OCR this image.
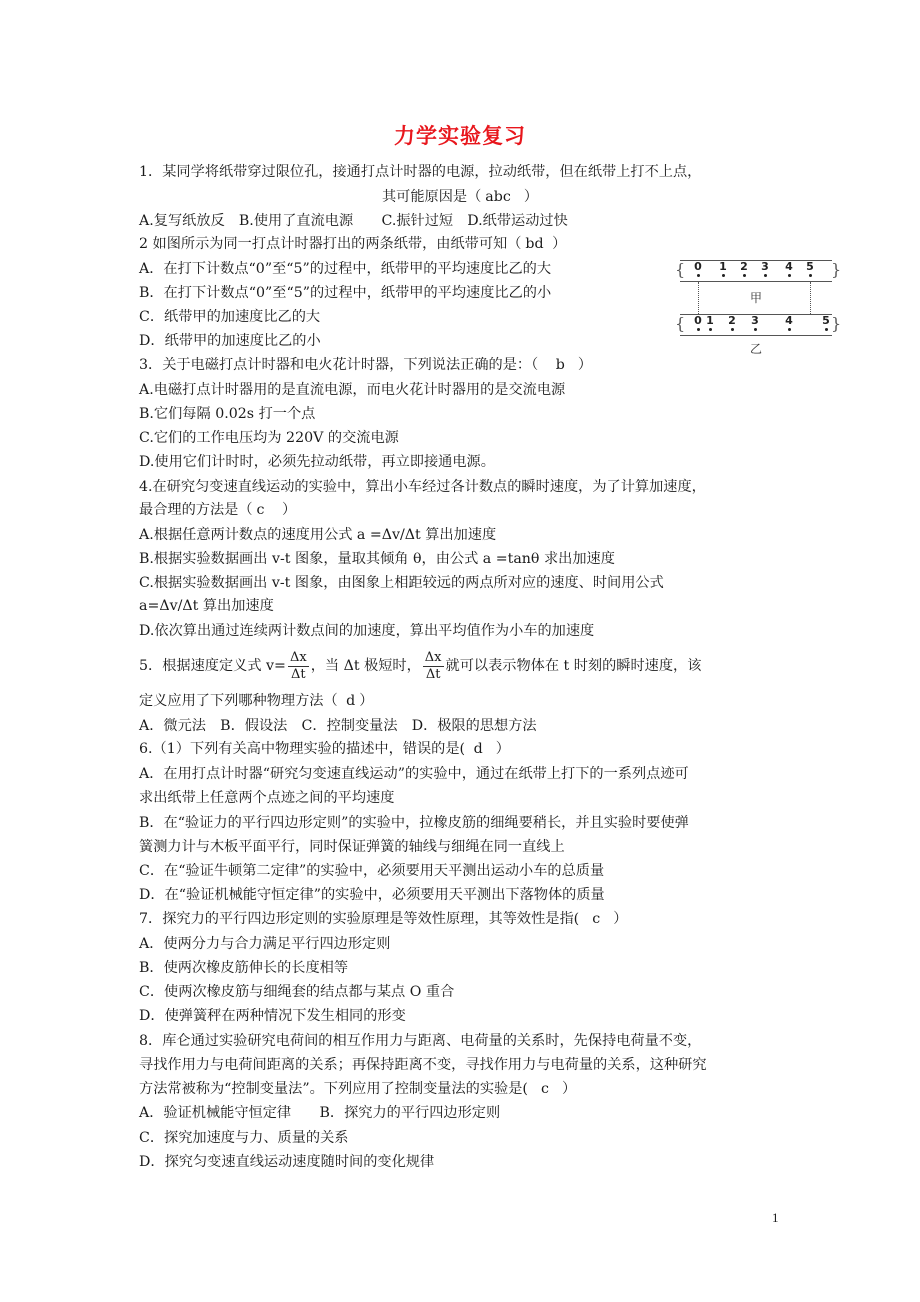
力学实验复习
1．某同学将纸带穿过限位孔，接通打点计时器的电源，拉动纸带，但在纸带上打不上点，
其可能原因是（ abc ）
A.复写纸放反　B.使用了直流电源　　C.振针过短　D.纸带运动过快
2 如图所示为同一打点计时器打出的两条纸带，由纸带可知（ bd ）
A．在打下计数点“0”至“5”的过程中，纸带甲的平均速度比乙的大
B．在打下计数点“0”至“5”的过程中，纸带甲的平均速度比乙的小
C．纸带甲的加速度比乙的大
D．纸带甲的加速度比乙的小
{	}
0 1 2 3 4 5
甲
{	}
0 1 2 3 4	5
乙
3．关于电磁打点计时器和电火花计时器，下列说法正确的是：（ b ）
A.电磁打点计时器用的是直流电源，而电火花计时器用的是交流电源
B.它们每隔 0.02s 打一个点
C.它们的工作电压均为 220V 的交流电源
D.使用它们计时时，必须先拉动纸带，再立即接通电源。
4.在研究匀变速直线运动的实验中，算出小车经过各计数点的瞬时速度，为了计算加速度，
最合理的方法是（ c ）
A.根据任意两计数点的速度用公式 a =Δv/Δt 算出加速度
B.根据实验数据画出 v-t 图象，量取其倾角 θ，由公式 a =tanθ 求出加速度
C.根据实验数据画出 v-t 图象，由图象上相距较远的两点所对应的速度、时间用公式
a=Δv/Δt 算出加速度
D.依次算出通过连续两计数点间的加速度，算出平均值作为小车的加速度
5．根据速度定义式 $v= \frac{\Delta x}{\Delta t}$ ，当 Δt 极短时， $\frac{\Delta x}{\Delta t}$ 就可以表示物体在 t 时刻的瞬时速度，该
定义应用了下列哪种物理方法（ d ）
A．微元法　B．假设法　C．控制变量法　D．极限的思想方法
6.（1）下列有关高中物理实验的描述中，错误的是( d ）
A．在用打点计时器“研究匀变速直线运动”的实验中，通过在纸带上打下的一系列点迹可
求出纸带上任意两个点迹之间的平均速度
B．在“验证力的平行四边形定则”的实验中，拉橡皮筋的细绳要稍长，并且实验时要使弹
簧测力计与木板平面平行，同时保证弹簧的轴线与细绳在同一直线上
C．在“验证牛顿第二定律”的实验中，必须要用天平测出运动小车的总质量
D．在“验证机械能守恒定律”的实验中，必须要用天平测出下落物体的质量
7．探究力的平行四边形定则的实验原理是等效性原理，其等效性是指( c ）
A．使两分力与合力满足平行四边形定则
B．使两次橡皮筋伸长的长度相等
C．使两次橡皮筋与细绳套的结点都与某点 O 重合
D．使弹簧秤在两种情况下发生相同的形变
8．库仑通过实验研究电荷间的相互作用力与距离、电荷量的关系时，先保持电荷量不变，
寻找作用力与电荷间距离的关系；再保持距离不变，寻找作用力与电荷量的关系，这种研究
方法常被称为“控制变量法”。下列应用了控制变量法的实验是( c ）
A．验证机械能守恒定律　　B．探究力的平行四边形定则
C．探究加速度与力、质量的关系
D．探究匀变速直线运动速度随时间的变化规律
1
